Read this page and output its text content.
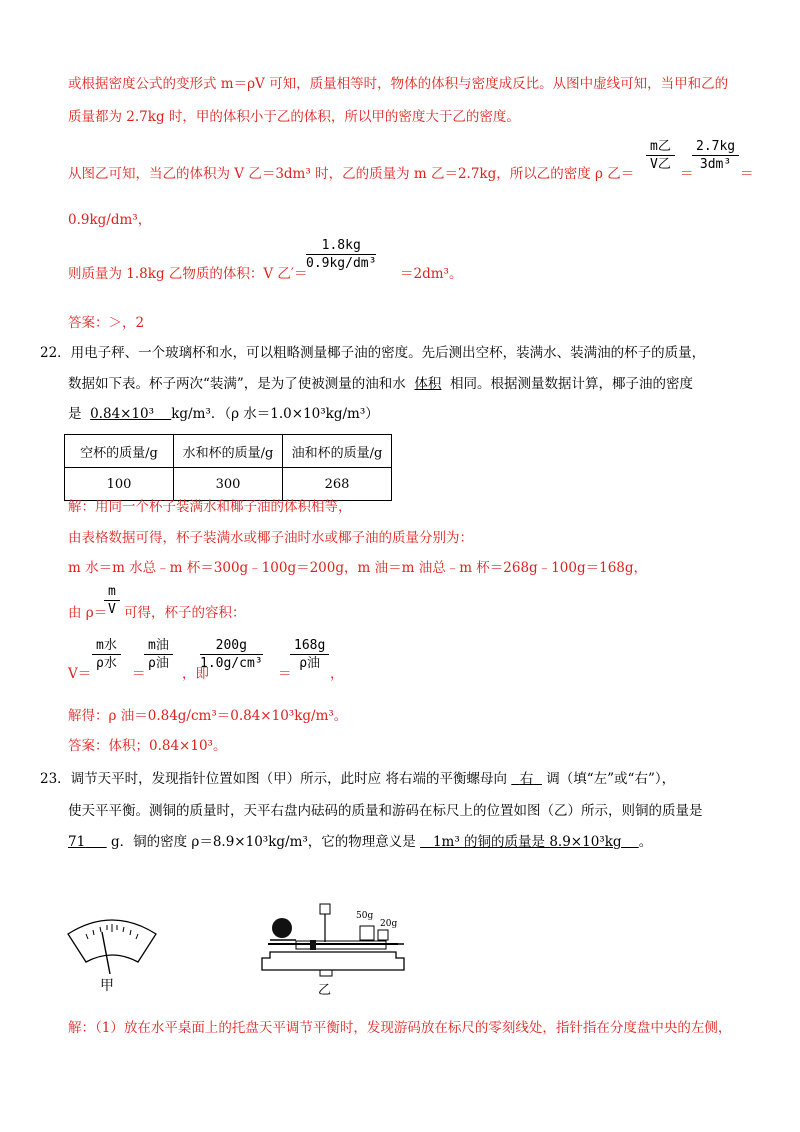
或根据密度公式的变形式 m＝ρV 可知，质量相等时，物体的体积与密度成反比。从图中虚线可知，当甲和乙的
质量都为 2.7kg 时，甲的体积小于乙的体积，所以甲的密度大于乙的密度。
从图乙可知，当乙的体积为 V 乙＝3dm³ 时，乙的质量为 m 乙＝2.7kg，所以乙的密度 ρ 乙＝
m乙
V乙
＝
$\frac{2.7kg}{\text{3dm³}}$
＝
0.9kg/dm³，
则质量为 1.8kg 乙物质的体积：V 乙′＝
$\frac{1.8kg}{\text{0.9kg/dm³}}$
＝2dm³。
答案：＞，2
22．用电子秤、一个玻璃杯和水，可以粗略测量椰子油的密度。先后测出空杯，装满水、装满油的杯子的质量，
数据如下表。杯子两次“装满”，是为了使被测量的油和水 体积 相同。根据测量数据计算，椰子油的密度
是 0.84×10³ kg/m³．（ρ 水＝1.0×10³kg/m³）
空杯的质量/g	水和杯的质量/g	油和杯的质量/g
100	300	268
解：用同一个杯子装满水和椰子油的体积相等，
由表格数据可得，杯子装满水或椰子油时水或椰子油的质量分别为：
m 水＝m 水总﹣m 杯＝300g﹣100g＝200g，m 油＝m 油总﹣m 杯＝268g﹣100g＝168g，
由 ρ＝
$\frac{m}{V}$ 可得，杯子的容积：
V＝
m水
ρ水
＝
m油
ρ油
，即
$\frac{200g}{\text{1.0g/cm³}}$
＝
168g
ρ油
，
解得：ρ 油＝0.84g/cm³＝0.84×10³kg/m³。
答案：体积；0.84×10³。
23．调节天平时，发现指针位置如图（甲）所示，此时应 将右端的平衡螺母向 右 调（填“左”或“右”），
使天平平衡。测铜的质量时，天平右盘内砝码的质量和游码在标尺上的位置如图（乙）所示，则铜的质量是
71 g．铜的密度 ρ＝8.9×10³kg/m³，它的物理意义是 1m³ 的铜的质量是 8.9×10³kg 。
甲
50g
20g
乙
解：（1）放在水平桌面上的托盘天平调节平衡时，发现游码放在标尺的零刻线处，指针指在分度盘中央的左侧，
